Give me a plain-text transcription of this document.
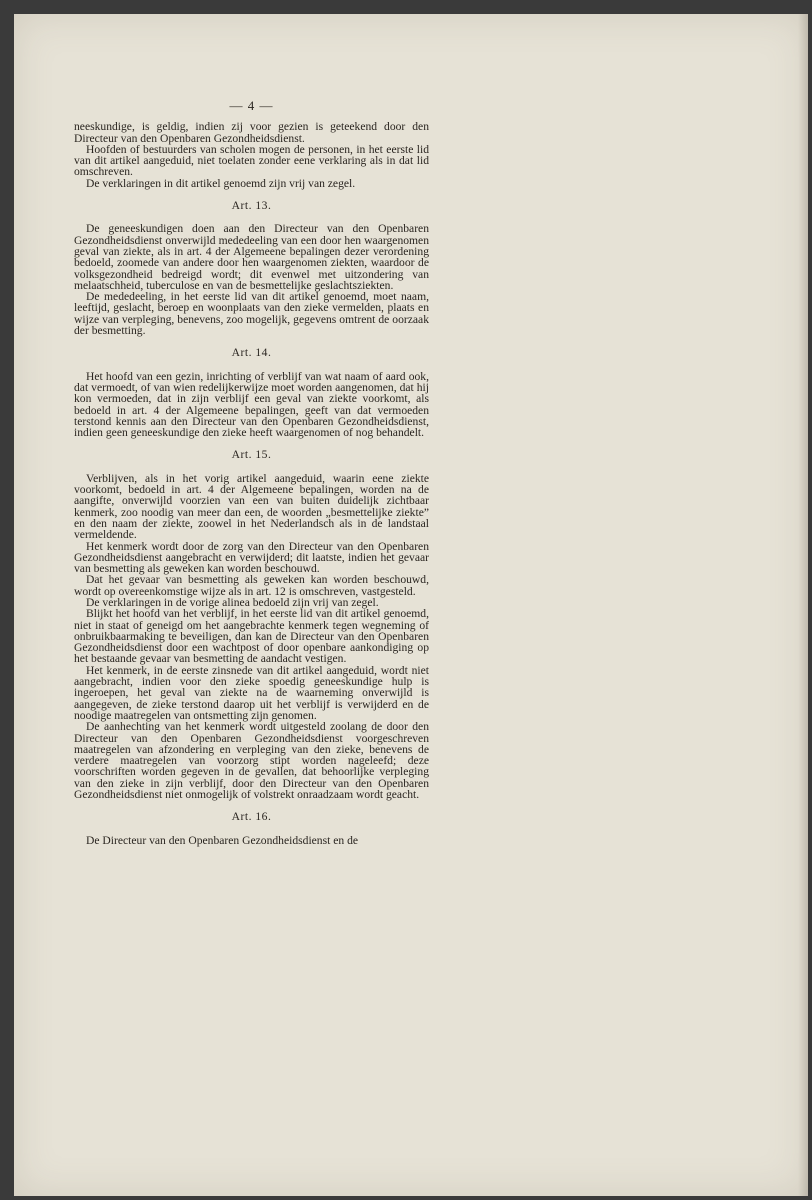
— 4 —
neeskundige, is geldig, indien zij voor gezien is geteekend door den Directeur van den Openbaren Gezondheidsdienst.
Hoofden of bestuurders van scholen mogen de personen, in het eerste lid van dit artikel aangeduid, niet toelaten zonder eene verklaring als in dat lid omschreven.
De verklaringen in dit artikel genoemd zijn vrij van zegel.
Art. 13.
De geneeskundigen doen aan den Directeur van den Openbaren Gezondheidsdienst onverwijld mededeeling van een door hen waargenomen geval van ziekte, als in art. 4 der Algemeene bepalingen dezer verordening bedoeld, zoomede van andere door hen waargenomen ziekten, waardoor de volksgezondheid bedreigd wordt; dit evenwel met uitzondering van melaatschheid, tuberculose en van de besmettelijke geslachtsziekten.
De mededeeling, in het eerste lid van dit artikel genoemd, moet naam, leeftijd, geslacht, beroep en woonplaats van den zieke vermelden, plaats en wijze van verpleging, benevens, zoo mogelijk, gegevens omtrent de oorzaak der besmetting.
Art. 14.
Het hoofd van een gezin, inrichting of verblijf van wat naam of aard ook, dat vermoedt, of van wien redelijkerwijze moet worden aangenomen, dat hij kon vermoeden, dat in zijn verblijf een geval van ziekte voorkomt, als bedoeld in art. 4 der Algemeene bepalingen, geeft van dat vermoeden terstond kennis aan den Directeur van den Openbaren Gezondheidsdienst, indien geen geneeskundige den zieke heeft waargenomen of nog behandelt.
Art. 15.
Verblijven, als in het vorig artikel aangeduid, waarin eene ziekte voorkomt, bedoeld in art. 4 der Algemeene bepalingen, worden na de aangifte, onverwijld voorzien van een van buiten duidelijk zichtbaar kenmerk, zoo noodig van meer dan een, de woorden „besmettelijke ziekte” en den naam der ziekte, zoowel in het Nederlandsch als in de landstaal vermeldende.
Het kenmerk wordt door de zorg van den Directeur van den Openbaren Gezondheidsdienst aangebracht en verwijderd; dit laatste, indien het gevaar van besmetting als geweken kan worden beschouwd.
Dat het gevaar van besmetting als geweken kan worden beschouwd, wordt op overeenkomstige wijze als in art. 12 is omschreven, vastgesteld.
De verklaringen in de vorige alinea bedoeld zijn vrij van zegel.
Blijkt het hoofd van het verblijf, in het eerste lid van dit artikel genoemd, niet in staat of geneigd om het aangebrachte kenmerk tegen wegneming of onbruikbaarmaking te beveiligen, dan kan de Directeur van den Openbaren Gezondheidsdienst door een wachtpost of door openbare aankondiging op het bestaande gevaar van besmetting de aandacht vestigen.
Het kenmerk, in de eerste zinsnede van dit artikel aangeduid, wordt niet aangebracht, indien voor den zieke spoedig geneeskundige hulp is ingeroepen, het geval van ziekte na de waarneming onverwijld is aangegeven, de zieke terstond daarop uit het verblijf is verwijderd en de noodige maatregelen van ontsmetting zijn genomen.
De aanhechting van het kenmerk wordt uitgesteld zoolang de door den Directeur van den Openbaren Gezondheidsdienst voorgeschreven maatregelen van afzondering en verpleging van den zieke, benevens de verdere maatregelen van voorzorg stipt worden nageleefd; deze voorschriften worden gegeven in de gevallen, dat behoorlijke verpleging van den zieke in zijn verblijf, door den Directeur van den Openbaren Gezondheidsdienst niet onmogelijk of volstrekt onraadzaam wordt geacht.
Art. 16.
De Directeur van den Openbaren Gezondheidsdienst en de
